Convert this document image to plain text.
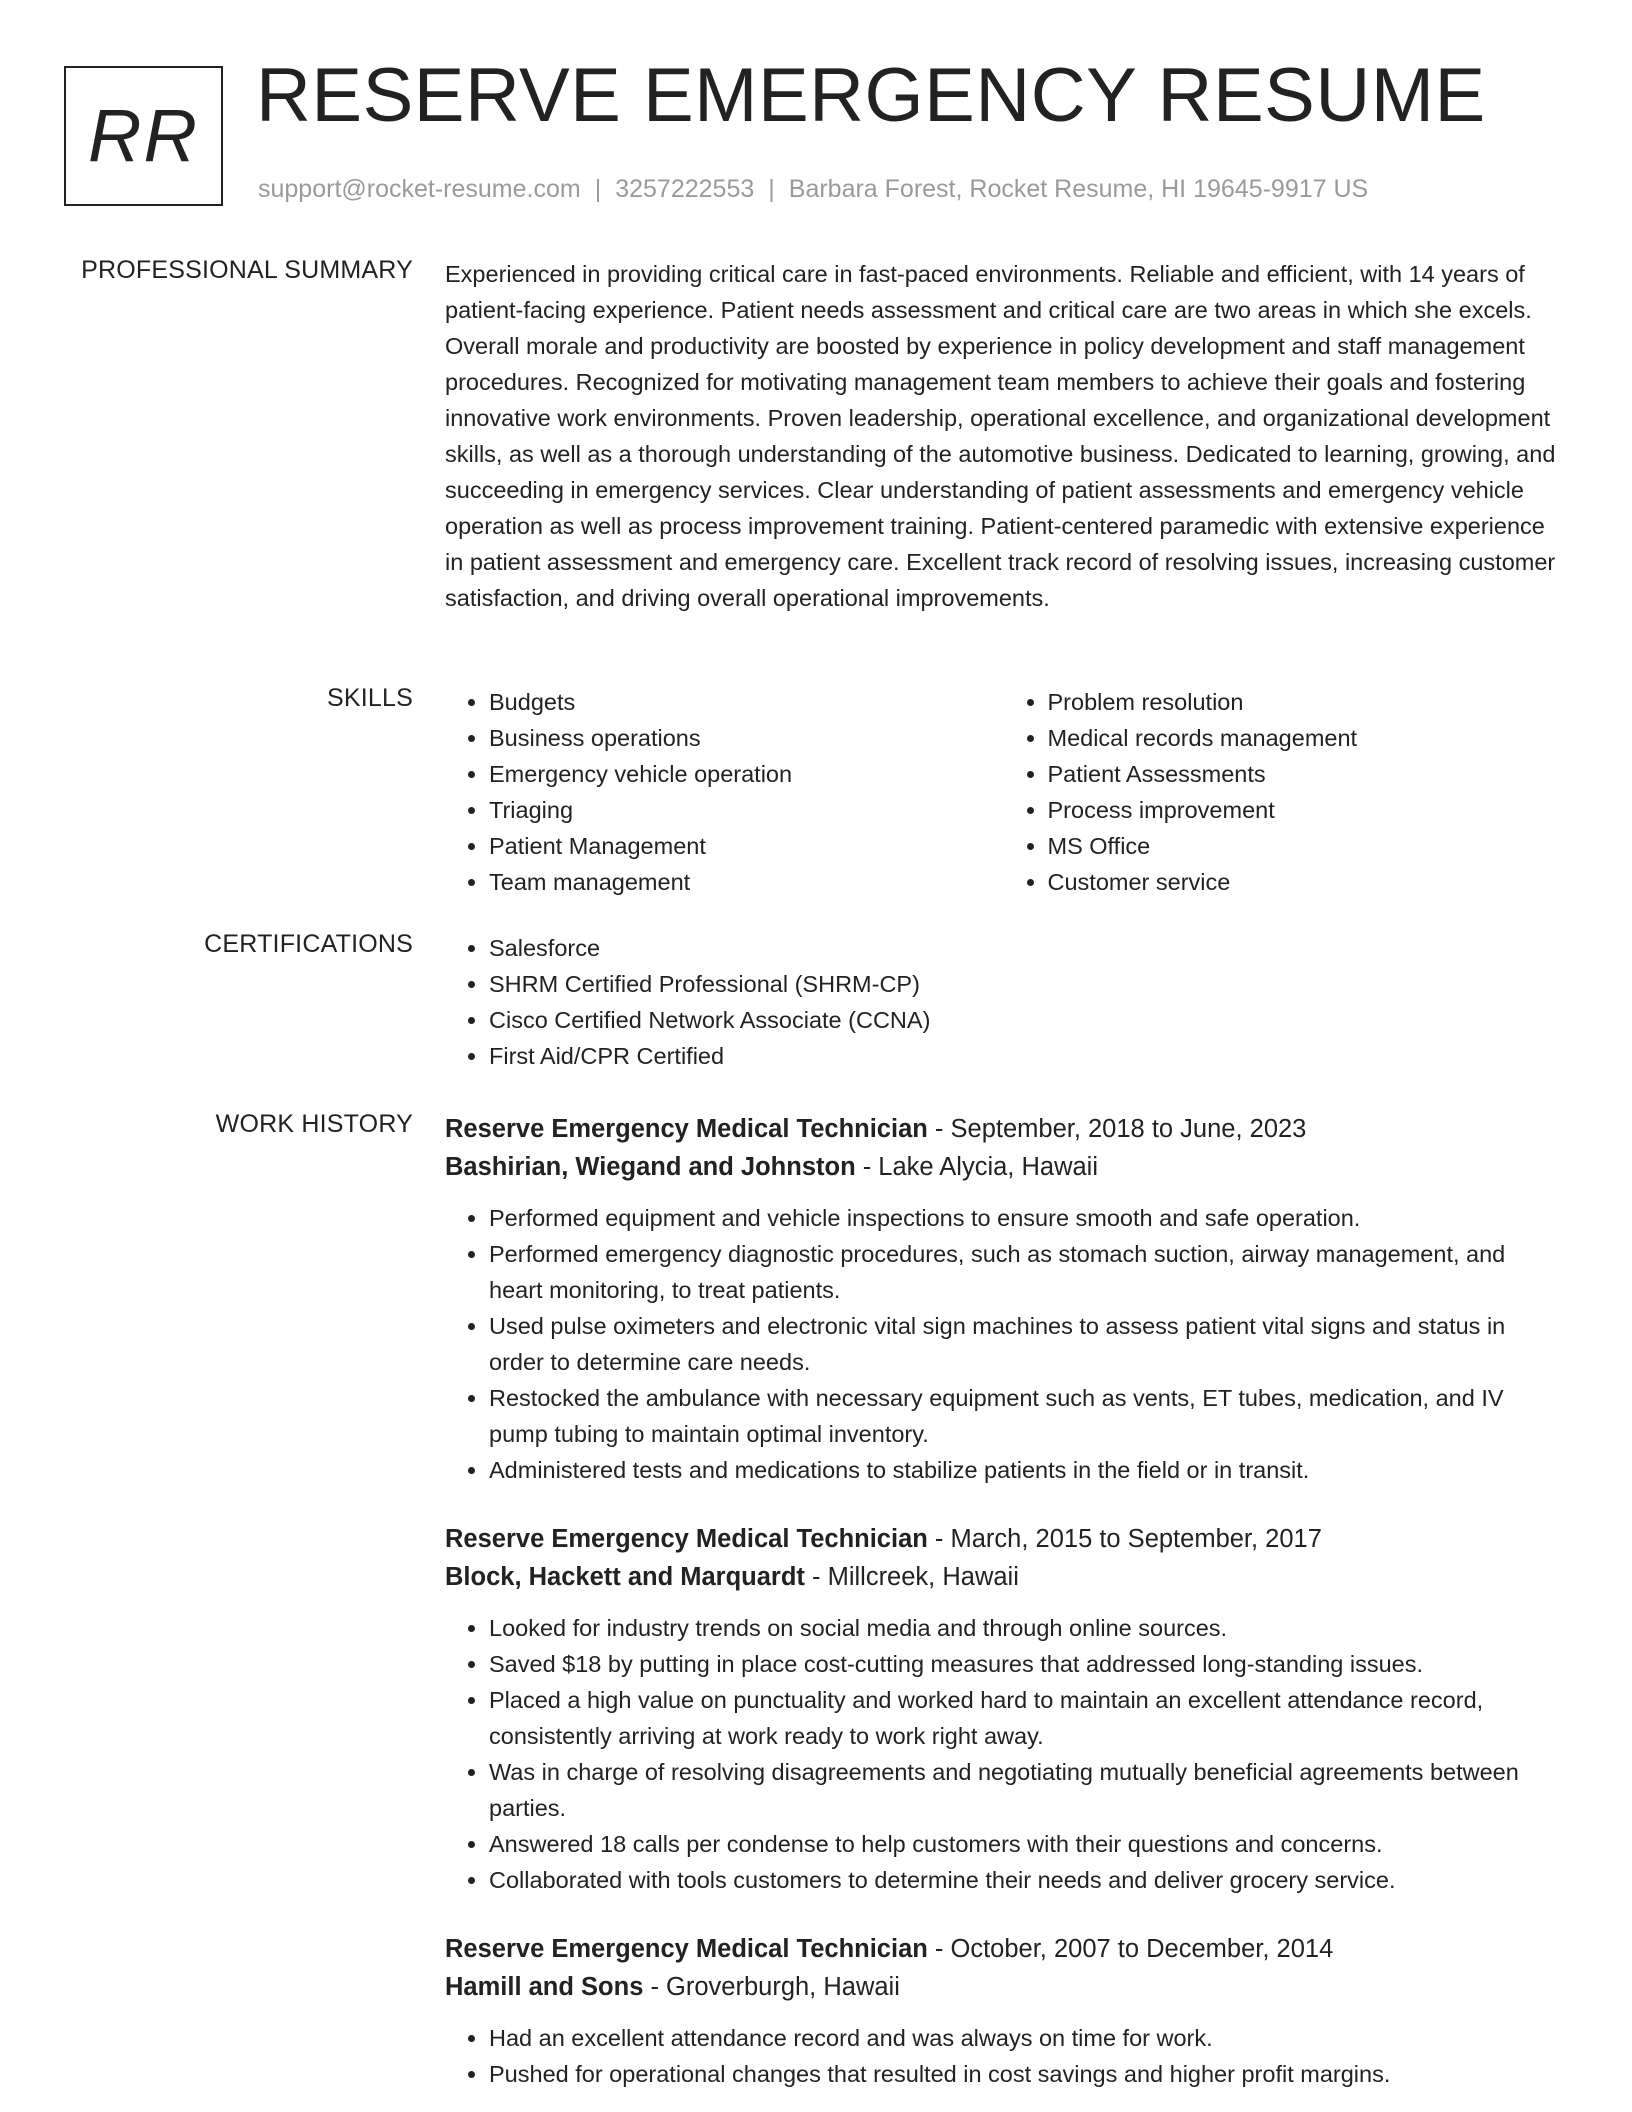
RR RESERVE EMERGENCY RESUME
support@rocket-resume.com | 3257222553 | Barbara Forest, Rocket Resume, HI 19645-9917 US
PROFESSIONAL SUMMARY Experienced in providing critical care in fast-paced environments. Reliable and efficient, with 14 years of patient-facing experience. Patient needs assessment and critical care are two areas in which she excels. Overall morale and productivity are boosted by experience in policy development and staff management procedures. Recognized for motivating management team members to achieve their goals and fostering innovative work environments. Proven leadership, operational excellence, and organizational development skills, as well as a thorough understanding of the automotive business. Dedicated to learning, growing, and succeeding in emergency services. Clear understanding of patient assessments and emergency vehicle operation as well as process improvement training. Patient-centered paramedic with extensive experience in patient assessment and emergency care. Excellent track record of resolving issues, increasing customer satisfaction, and driving overall operational improvements.

SKILLS	• Budgets
• Business operations
• Emergency vehicle operation
• Triaging
• Patient Management
• Team management
• Problem resolution
• Medical records management
• Patient Assessments
• Process improvement
• MS Office
• Customer service
CERTIFICATIONS	• Salesforce
• SHRM Certified Professional (SHRM-CP)
• Cisco Certified Network Associate (CCNA)
• First Aid/CPR Certified
WORK HISTORY Reserve Emergency Medical Technician - September, 2018 to June, 2023
Bashirian, Wiegand and Johnston - Lake Alycia, Hawaii
• Performed equipment and vehicle inspections to ensure smooth and safe operation.
• Performed emergency diagnostic procedures, such as stomach suction, airway management, and heart monitoring, to treat patients.
• Used pulse oximeters and electronic vital sign machines to assess patient vital signs and status in order to determine care needs.
• Restocked the ambulance with necessary equipment such as vents, ET tubes, medication, and IV pump tubing to maintain optimal inventory.
• Administered tests and medications to stabilize patients in the field or in transit.
Reserve Emergency Medical Technician - March, 2015 to September, 2017
Block, Hackett and Marquardt - Millcreek, Hawaii
• Looked for industry trends on social media and through online sources.
• Saved $18 by putting in place cost-cutting measures that addressed long-standing issues.
• Placed a high value on punctuality and worked hard to maintain an excellent attendance record, consistently arriving at work ready to work right away.
• Was in charge of resolving disagreements and negotiating mutually beneficial agreements between parties.
• Answered 18 calls per condense to help customers with their questions and concerns.
• Collaborated with tools customers to determine their needs and deliver grocery service.
Reserve Emergency Medical Technician - October, 2007 to December, 2014
Hamill and Sons - Groverburgh, Hawaii
• Had an excellent attendance record and was always on time for work.
• Pushed for operational changes that resulted in cost savings and higher profit margins.
